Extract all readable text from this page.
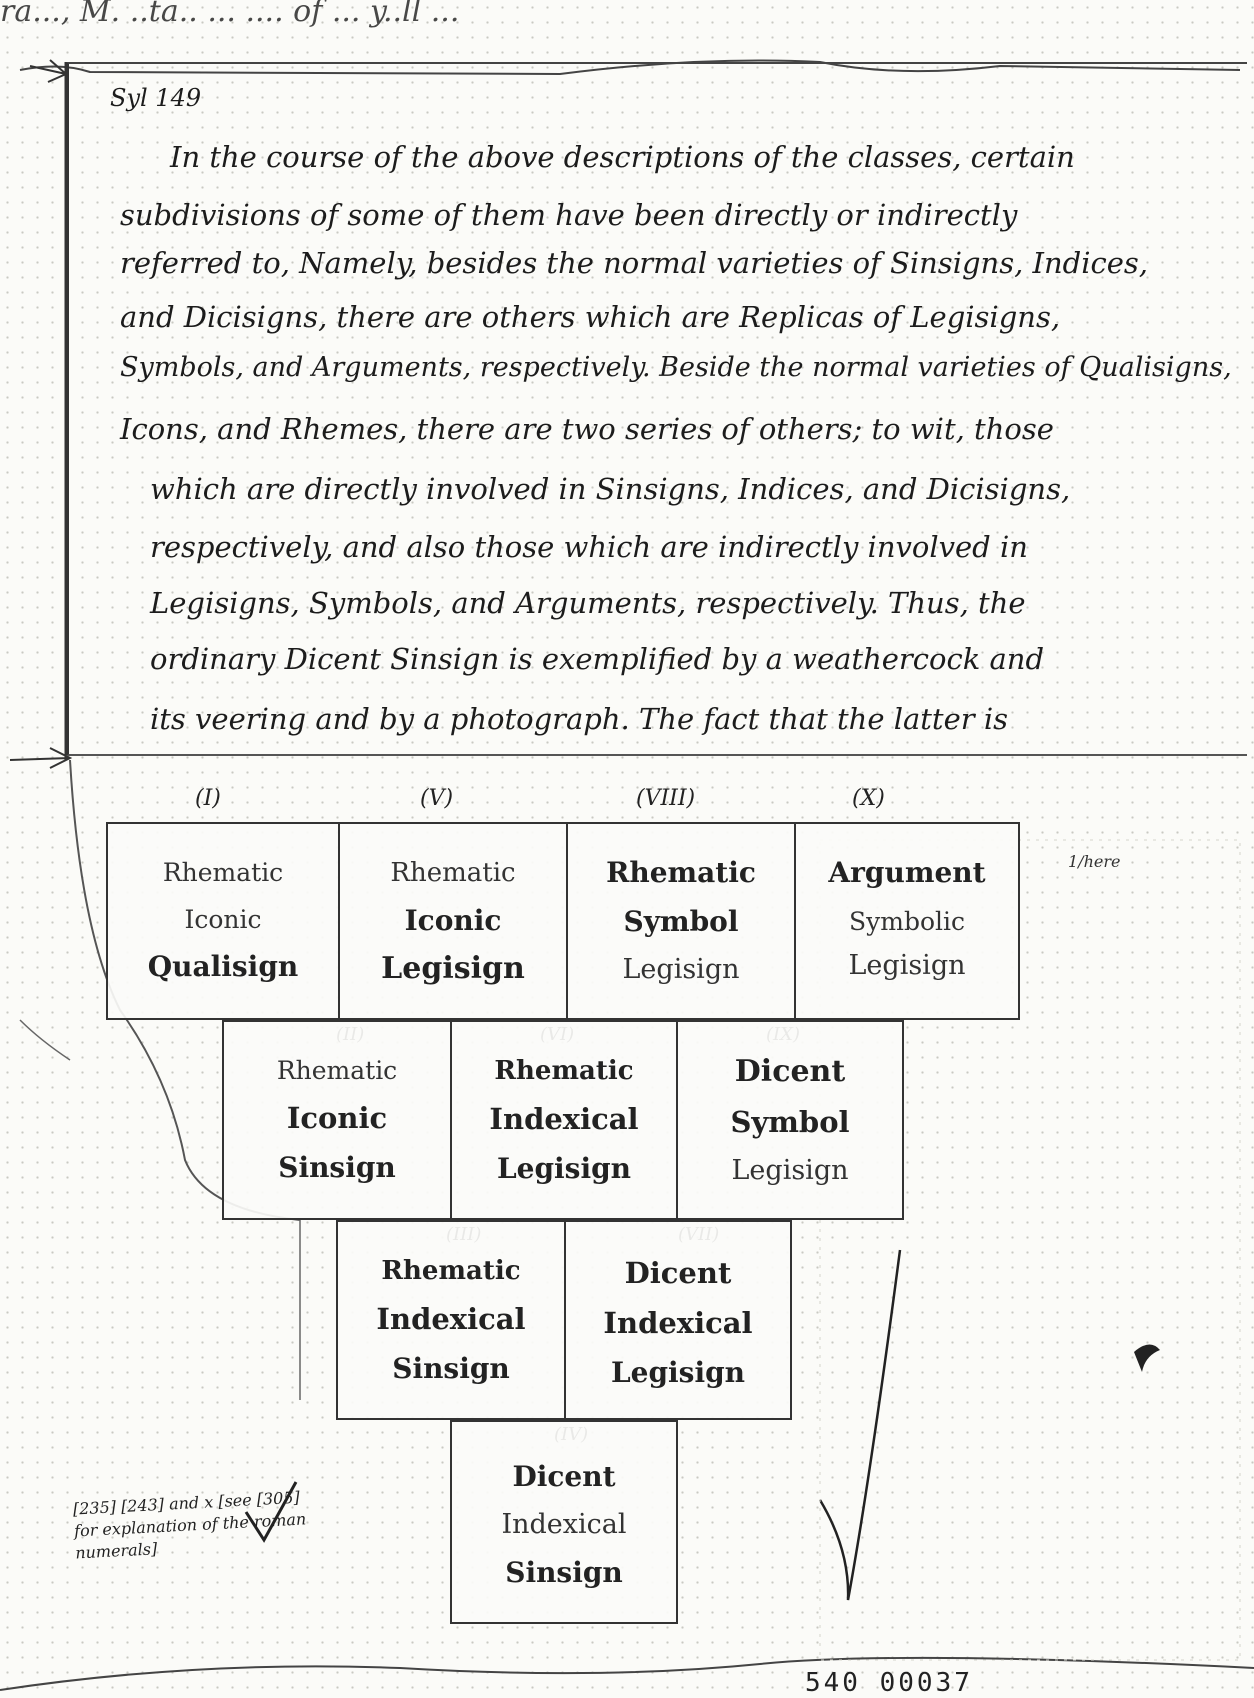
ra..., M. ..ta.. ... .... of ... y..ll ...
Syl 149
In the course of the above descriptions of the classes, certain
subdivisions of some of them have been directly or indirectly
referred to, Namely, besides the normal varieties of Sinsigns, Indices,
and Dicisigns, there are others which are Replicas of Legisigns,
Symbols, and Arguments, respectively. Beside the normal varieties of Qualisigns,
Icons, and Rhemes, there are two series of others; to wit, those
which are directly involved in Sinsigns, Indices, and Dicisigns,
respectively, and also those which are indirectly involved in
Legisigns, Symbols, and Arguments, respectively. Thus, the
ordinary Dicent Sinsign is exemplified by a weathercock and
its veering and by a photograph. The fact that the latter is
(I)	(V)	(VIII)	(X)
Rhematic
Iconic
Qualisign
Rhematic
Iconic
Legisign
Rhematic
Symbol
Legisign
Argument
Symbolic
Legisign
Rhematic
Iconic
Sinsign
Rhematic
Indexical
Legisign
Dicent
Symbol
Legisign
Rhematic
Indexical
Sinsign
Dicent
Indexical
Legisign
Dicent
Indexical
Sinsign
1/here
[235] [243] and x [see [305] for explanation of the roman numerals]
540 00037
